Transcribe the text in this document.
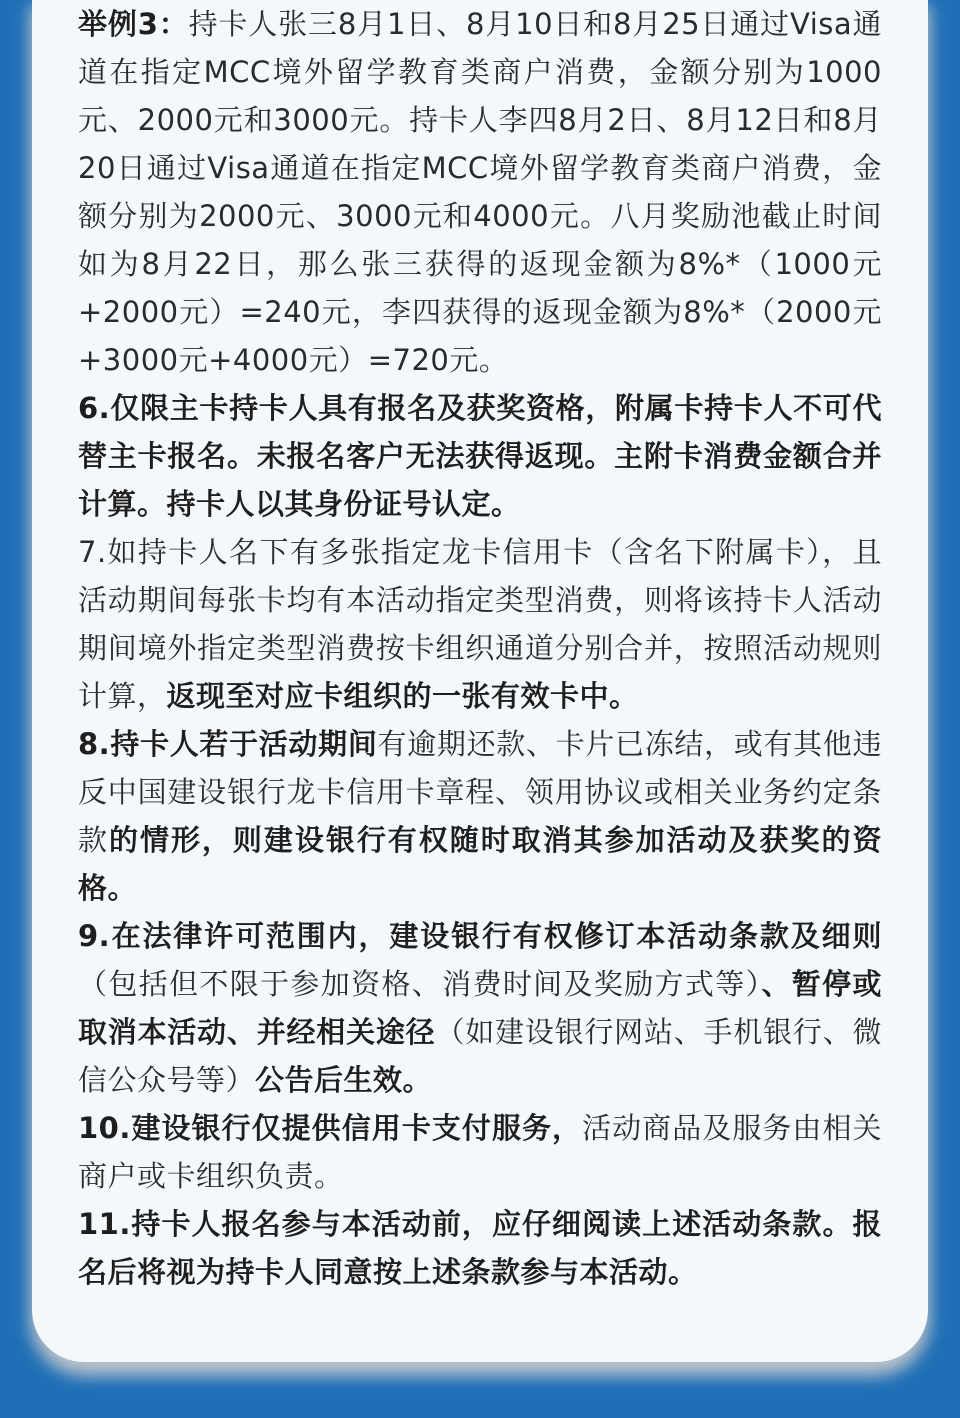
举例3：持卡人张三8月1日、8月10日和8月25日通过Visa通道在指定MCC境外留学教育类商户消费，金额分别为1000元、2000元和3000元。持卡人李四8月2日、8月12日和8月20日通过Visa通道在指定MCC境外留学教育类商户消费，金额分别为2000元、3000元和4000元。八月奖励池截止时间如为8月22日，那么张三获得的返现金额为8%*（1000元+2000元）=240元，李四获得的返现金额为8%*（2000元+3000元+4000元）=720元。

6.仅限主卡持卡人具有报名及获奖资格，附属卡持卡人不可代替主卡报名。未报名客户无法获得返现。主附卡消费金额合并计算。持卡人以其身份证号认定。

7.如持卡人名下有多张指定龙卡信用卡（含名下附属卡），且活动期间每张卡均有本活动指定类型消费，则将该持卡人活动期间境外指定类型消费按卡组织通道分别合并，按照活动规则计算，返现至对应卡组织的一张有效卡中。

8.持卡人若于活动期间有逾期还款、卡片已冻结，或有其他违反中国建设银行龙卡信用卡章程、领用协议或相关业务约定条款的情形，则建设银行有权随时取消其参加活动及获奖的资格。

9.在法律许可范围内，建设银行有权修订本活动条款及细则（包括但不限于参加资格、消费时间及奖励方式等）、暂停或取消本活动、并经相关途径（如建设银行网站、手机银行、微信公众号等）公告后生效。

10.建设银行仅提供信用卡支付服务，活动商品及服务由相关商户或卡组织负责。

11.持卡人报名参与本活动前，应仔细阅读上述活动条款。报名后将视为持卡人同意按上述条款参与本活动。
